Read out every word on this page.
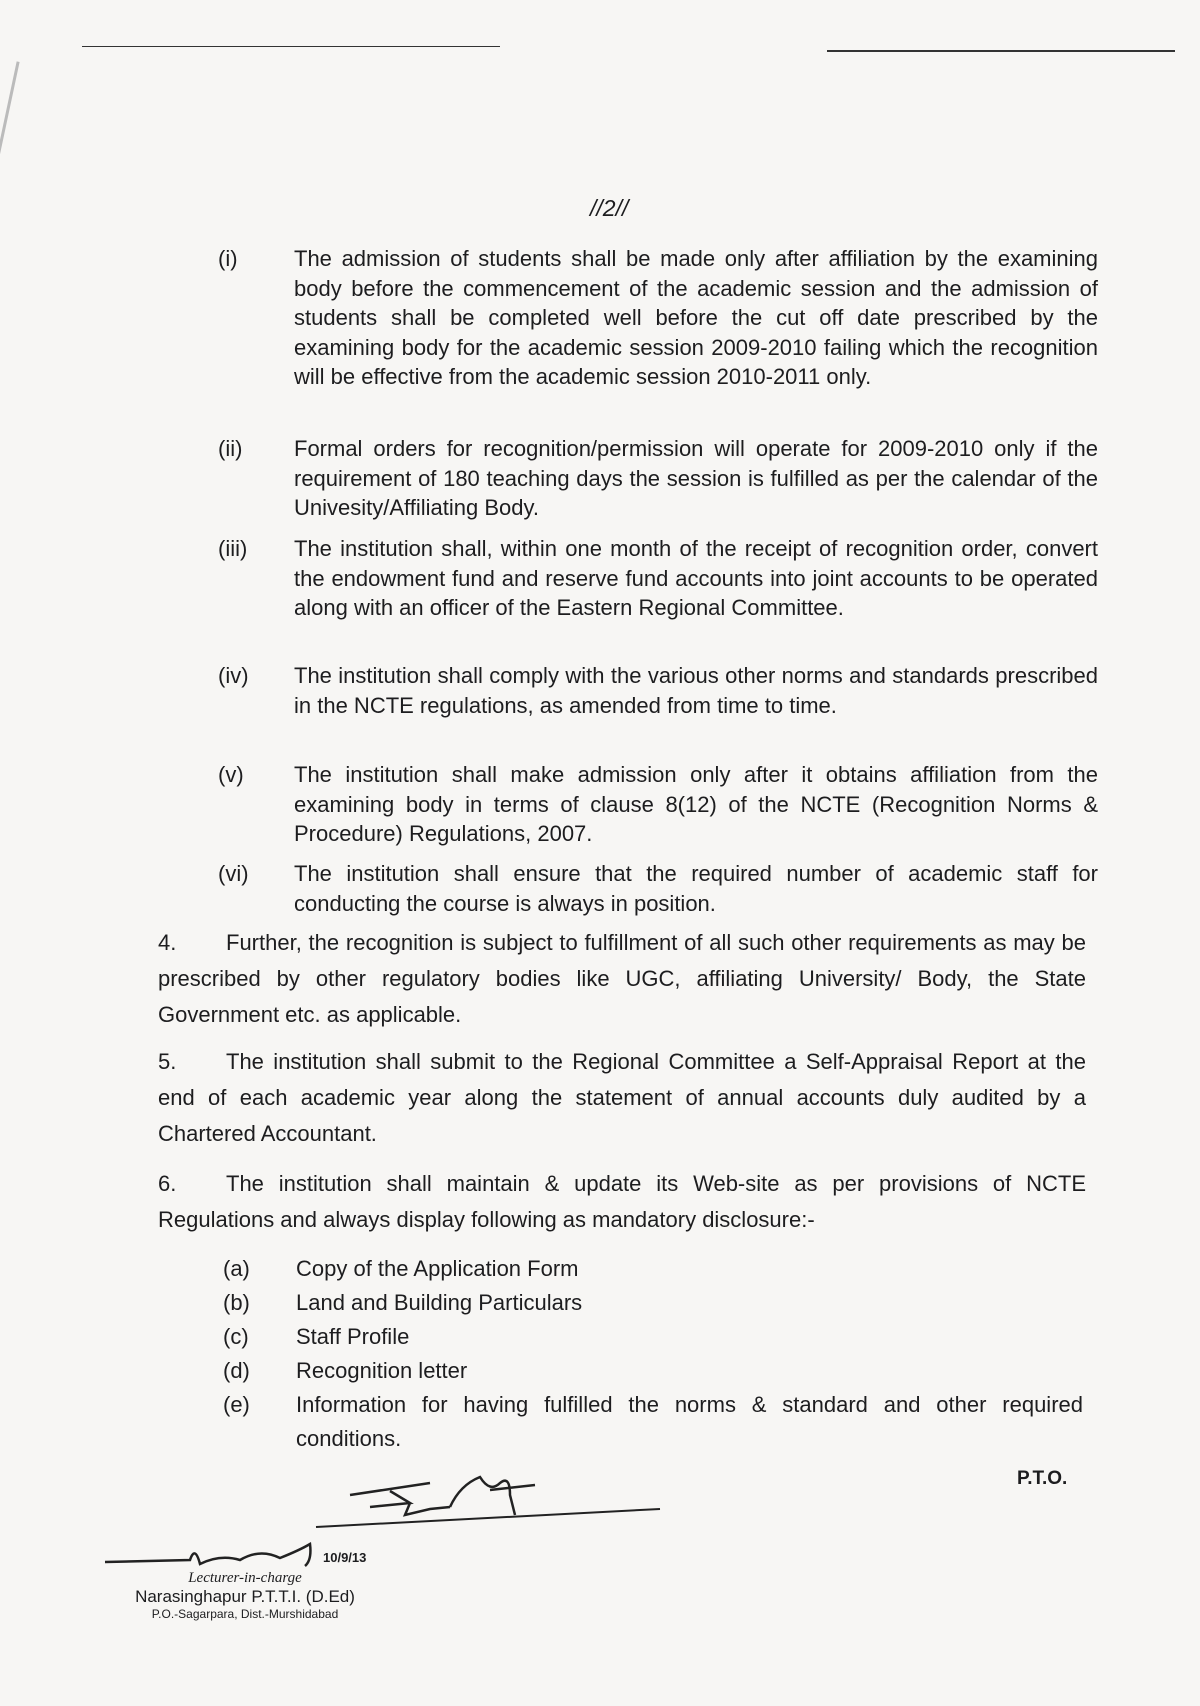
//2//
(i)	The admission of students shall be made only after affiliation by the examining body before the commencement of the academic session and the admission of students shall be completed well before the cut off date prescribed by the examining body for the academic session 2009-2010 failing which the recognition will be effective from the academic session 2010-2011 only.
(ii) Formal orders for recognition/permission will operate for 2009-2010 only if the requirement of 180 teaching days the session is fulfilled as per the calendar of the Univesity/Affiliating Body.
(iii) The institution shall, within one month of the receipt of recognition order, convert the endowment fund and reserve fund accounts into joint accounts to be operated along with an officer of the Eastern Regional Committee.
(iv) The institution shall comply with the various other norms and standards prescribed in the NCTE regulations, as amended from time to time.
(v) The institution shall make admission only after it obtains affiliation from the examining body in terms of clause 8(12) of the NCTE (Recognition Norms & Procedure) Regulations, 2007.
(vi) The institution shall ensure that the required number of academic staff for conducting the course is always in position.
4. Further, the recognition is subject to fulfillment of all such other requirements as may be prescribed by other regulatory bodies like UGC, affiliating University/ Body, the State Government etc. as applicable.
5. The institution shall submit to the Regional Committee a Self-Appraisal Report at the end of each academic year along the statement of annual accounts duly audited by a Chartered Accountant.
6. The institution shall maintain & update its Web-site as per provisions of NCTE Regulations and always display following as mandatory disclosure:-
(a) Copy of the Application Form
(b) Land and Building Particulars
(c) Staff Profile
(d) Recognition letter
(e) Information for having fulfilled the norms & standard and other required conditions.
P.T.O.
10/9/13
Lecturer-in-charge
Narasinghapur P.T.T.I. (D.Ed)
P.O.-Sagarpara, Dist.-Murshidabad
